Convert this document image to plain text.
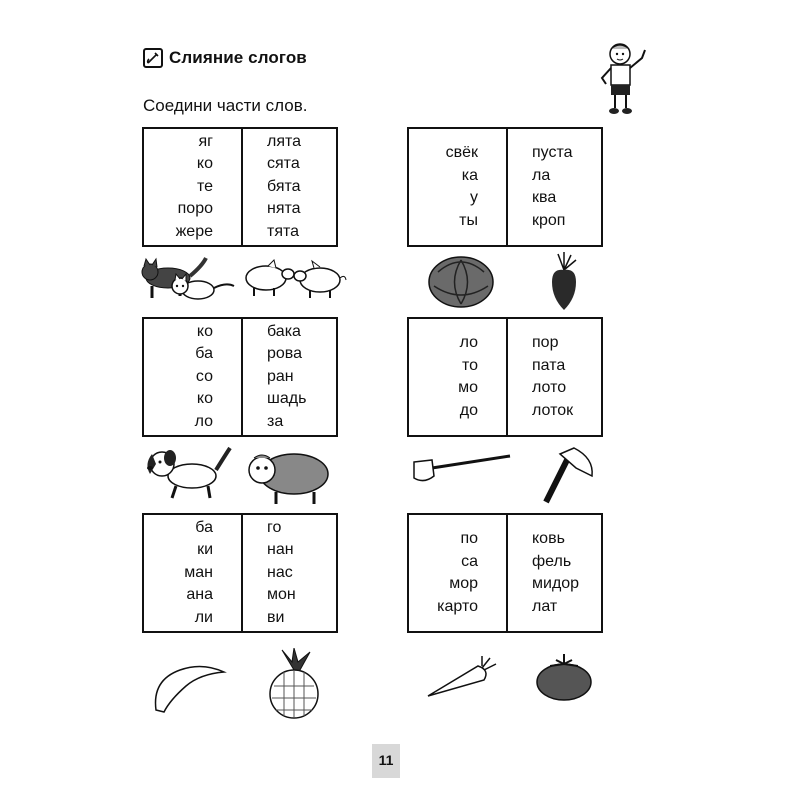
Слияние слогов
Соедини части слов.
яг
ко
те
поро
жере
лята
сята
бята
нята
тята
свёк
ка
у
ты
пуста
ла
ква
кроп
ко
ба
со
ко
ло
бака
рова
ран
шадь
за
ло
то
мо
до
пор
пата
лото
лоток
ба
ки
ман
ана
ли
го
нан
нас
мон
ви
по
са
мор
карто
ковь
фель
мидор
лат
11
